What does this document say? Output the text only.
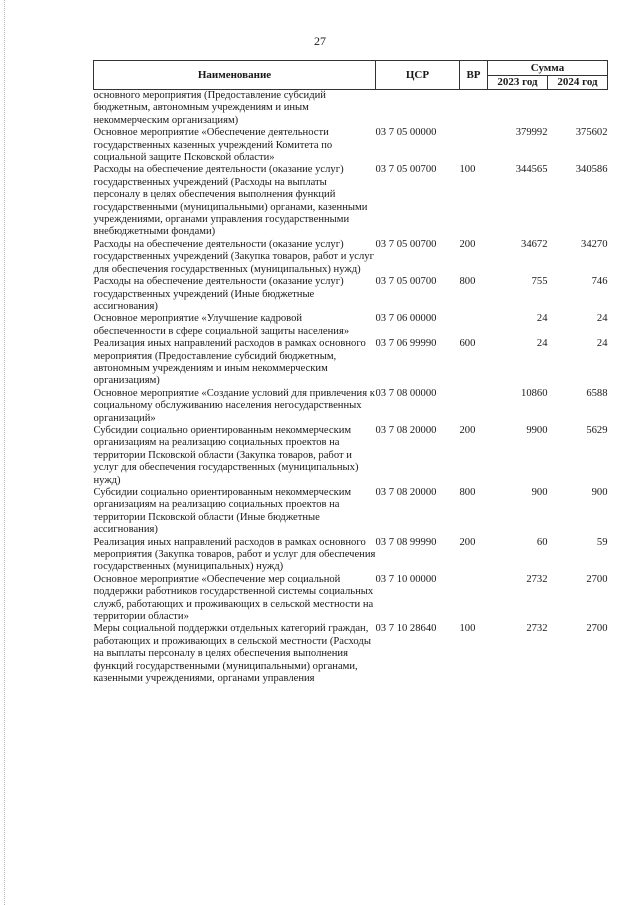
27
Наименование	ЦСР	ВР	Сумма	
			2023 год	2024 год
основного мероприятия (Предоставление субсидий бюджетным, автономным учреждениям и иным некоммерческим организациям)				
Основное мероприятие «Обеспечение деятельности государственных казенных учреждений Комитета по социальной защите Псковской области»	03 7 05 00000		379992	375602
Расходы на обеспечение деятельности (оказание услуг) государственных учреждений (Расходы на выплаты персоналу в целях обеспечения выполнения функций государственными (муниципальными) органами, казенными учреждениями, органами управления государственными внебюджетными фондами)	03 7 05 00700	100	344565	340586
Расходы на обеспечение деятельности (оказание услуг) государственных учреждений (Закупка товаров, работ и услуг для обеспечения государственных (муниципальных) нужд)	03 7 05 00700	200	34672	34270
Расходы на обеспечение деятельности (оказание услуг) государственных учреждений (Иные бюджетные ассигнования)	03 7 05 00700	800	755	746
Основное мероприятие «Улучшение кадровой обеспеченности в сфере социальной защиты населения»	03 7 06 00000		24	24
Реализация иных направлений расходов в рамках основного мероприятия (Предоставление субсидий бюджетным, автономным учреждениям и иным некоммерческим организациям)	03 7 06 99990	600	24	24
Основное мероприятие «Создание условий для привлечения к социальному обслуживанию населения негосударственных организаций»	03 7 08 00000		10860	6588
Субсидии социально ориентированным некоммерческим организациям на реализацию социальных проектов на территории Псковской области (Закупка товаров, работ и услуг для обеспечения государственных (муниципальных) нужд)	03 7 08 20000	200	9900	5629
Субсидии социально ориентированным некоммерческим организациям на реализацию социальных проектов на территории Псковской области (Иные бюджетные ассигнования)	03 7 08 20000	800	900	900
Реализация иных направлений расходов в рамках основного мероприятия (Закупка товаров, работ и услуг для обеспечения государственных (муниципальных) нужд)	03 7 08 99990	200	60	59
Основное мероприятие «Обеспечение мер социальной поддержки работников государственной системы социальных служб, работающих и проживающих в сельской местности на территории области»	03 7 10 00000		2732	2700
Меры социальной поддержки отдельных категорий граждан, работающих и проживающих в сельской местности (Расходы на выплаты персоналу в целях обеспечения выполнения функций государственными (муниципальными) органами, казенными учреждениями, органами управления	03 7 10 28640	100	2732	2700
